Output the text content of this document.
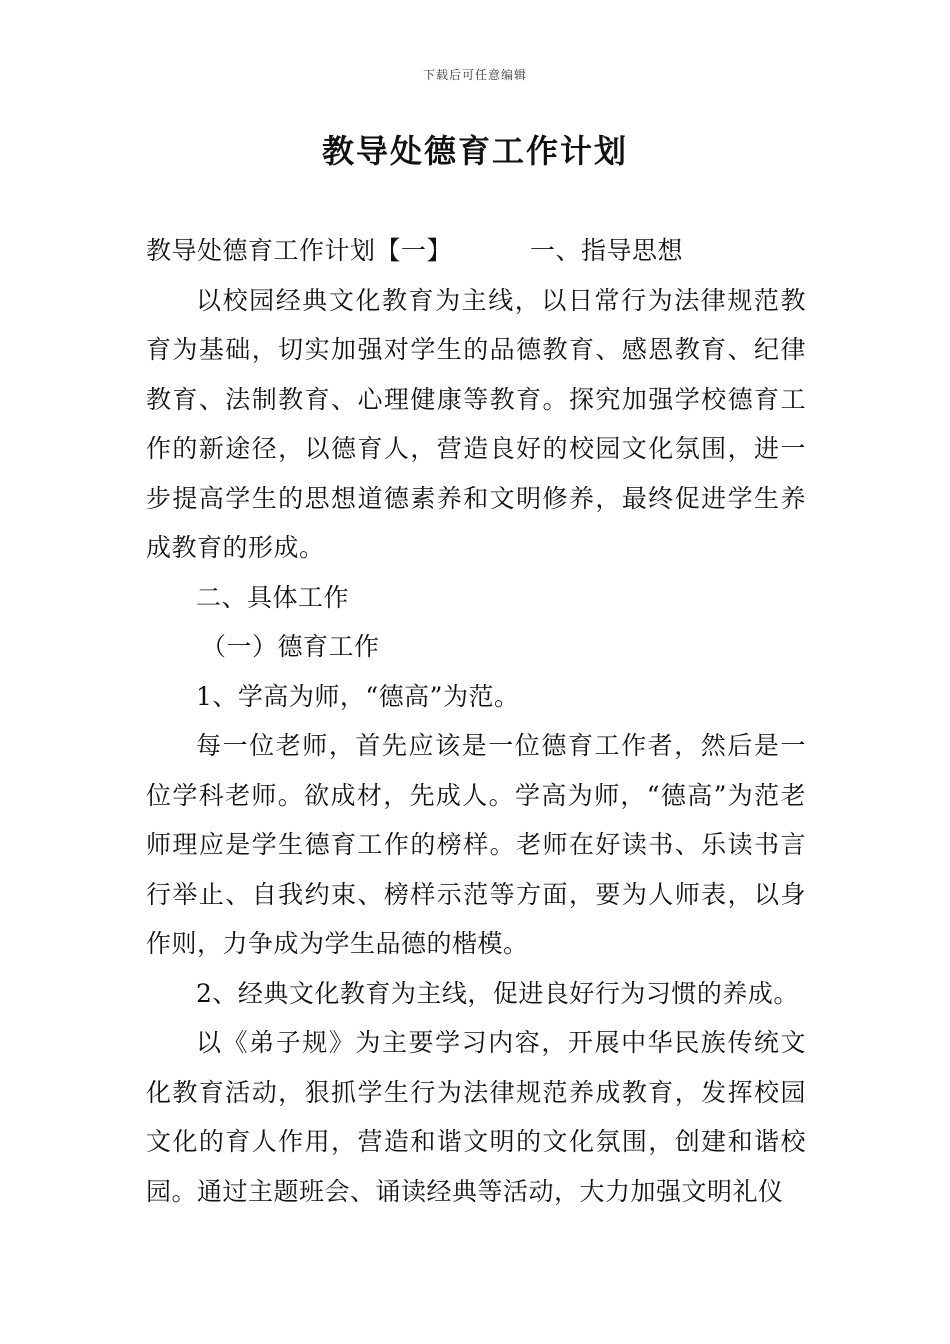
下载后可任意编辑
教导处德育工作计划

教导处德育工作计划【一】	一、指导思想

以校园经典文化教育为主线，以日常行为法律规范教育为基础，切实加强对学生的品德教育、感恩教育、纪律教育、法制教育、心理健康等教育。探究加强学校德育工作的新途径，以德育人，营造良好的校园文化氛围，进一步提高学生的思想道德素养和文明修养，最终促进学生养成教育的形成。

二、具体工作

（一）德育工作

1、学高为师，“德高”为范。

每一位老师，首先应该是一位德育工作者，然后是一位学科老师。欲成材，先成人。学高为师，“德高”为范老师理应是学生德育工作的榜样。老师在好读书、乐读书言行举止、自我约束、榜样示范等方面，要为人师表，以身作则，力争成为学生品德的楷模。

2、经典文化教育为主线，促进良好行为习惯的养成。

以《弟子规》为主要学习内容，开展中华民族传统文化教育活动，狠抓学生行为法律规范养成教育，发挥校园文化的育人作用，营造和谐文明的文化氛围，创建和谐校园。通过主题班会、诵读经典等活动，大力加强文明礼仪
